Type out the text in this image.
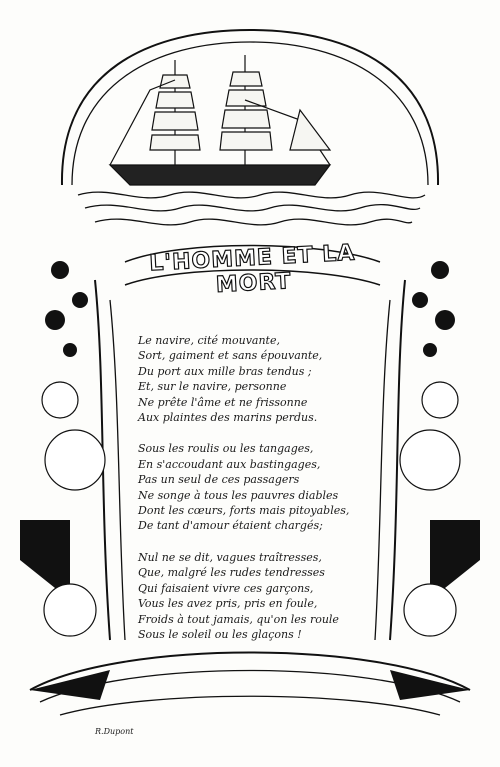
L'HOMME ET LA MORT
Le navire, cité mouvante,
Sort, gaiment et sans épouvante,
Du port aux mille bras tendus ;
Et, sur le navire, personne
Ne prête l'âme et ne frissonne
Aux plaintes des marins perdus.
Sous les roulis ou les tangages,
En s'accoudant aux bastingages,
Pas un seul de ces passagers
Ne songe à tous les pauvres diables
Dont les cœurs, forts mais pitoyables,
De tant d'amour étaient chargés;
Nul ne se dit, vagues traîtresses,
Que, malgré les rudes tendresses
Qui faisaient vivre ces garçons,
Vous les avez pris, pris en foule,
Froids à tout jamais, qu'on les roule
Sous le soleil ou les glaçons !
R.Dupont
